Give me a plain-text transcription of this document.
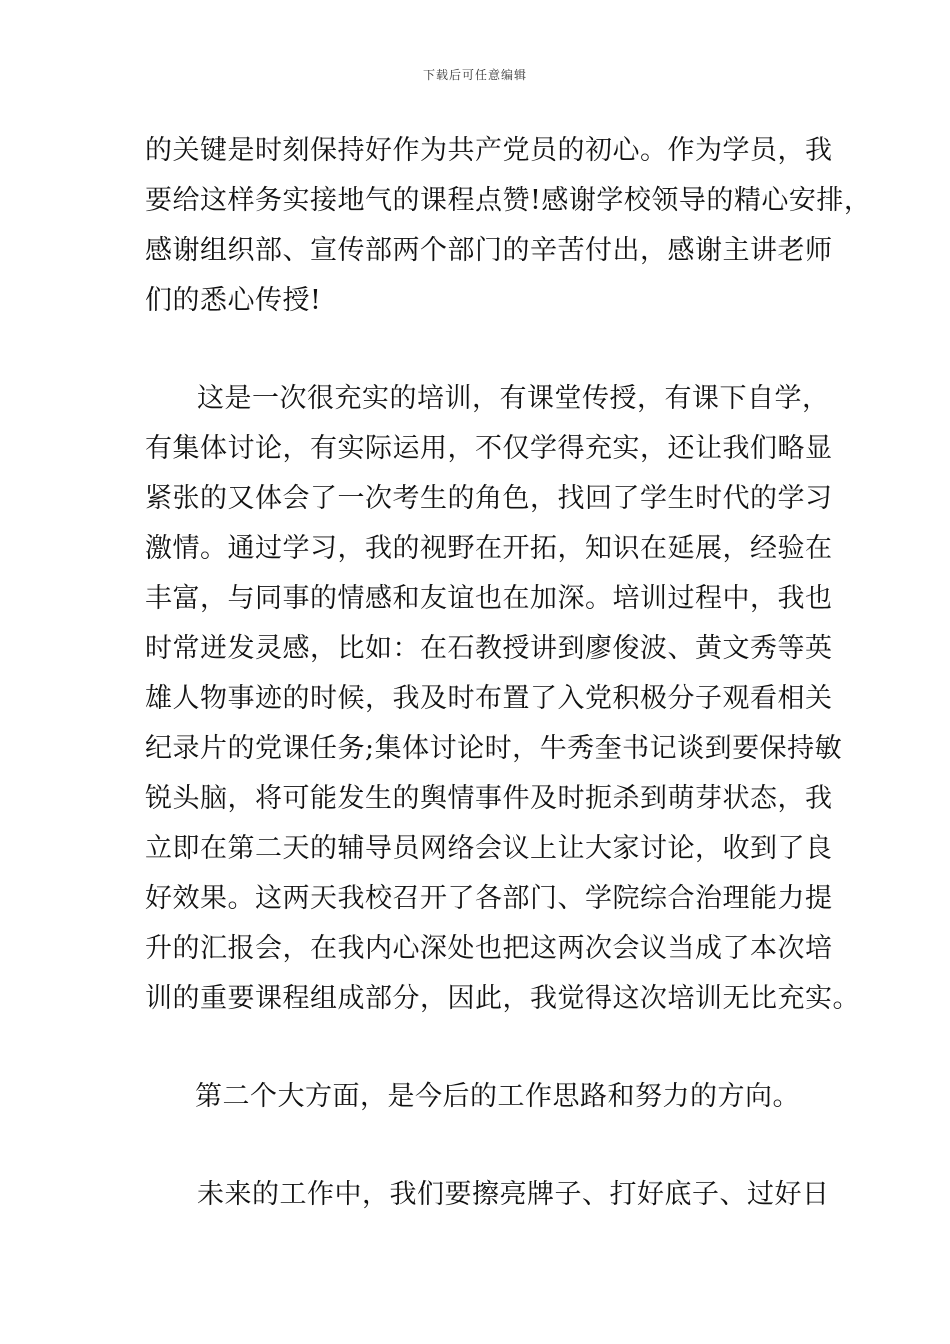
下载后可任意编辑
的关键是时刻保持好作为共产党员的初心。作为学员，我
要给这样务实接地气的课程点赞!感谢学校领导的精心安排，
感谢组织部、宣传部两个部门的辛苦付出，感谢主讲老师
们的悉心传授!
这是一次很充实的培训，有课堂传授，有课下自学，
有集体讨论，有实际运用，不仅学得充实，还让我们略显
紧张的又体会了一次考生的角色，找回了学生时代的学习
激情。通过学习，我的视野在开拓，知识在延展，经验在
丰富，与同事的情感和友谊也在加深。培训过程中，我也
时常迸发灵感，比如：在石教授讲到廖俊波、黄文秀等英
雄人物事迹的时候，我及时布置了入党积极分子观看相关
纪录片的党课任务;集体讨论时，牛秀奎书记谈到要保持敏
锐头脑，将可能发生的舆情事件及时扼杀到萌芽状态，我
立即在第二天的辅导员网络会议上让大家讨论，收到了良
好效果。这两天我校召开了各部门、学院综合治理能力提
升的汇报会，在我内心深处也把这两次会议当成了本次培
训的重要课程组成部分，因此，我觉得这次培训无比充实。
第二个大方面，是今后的工作思路和努力的方向。
未来的工作中，我们要擦亮牌子、打好底子、过好日
